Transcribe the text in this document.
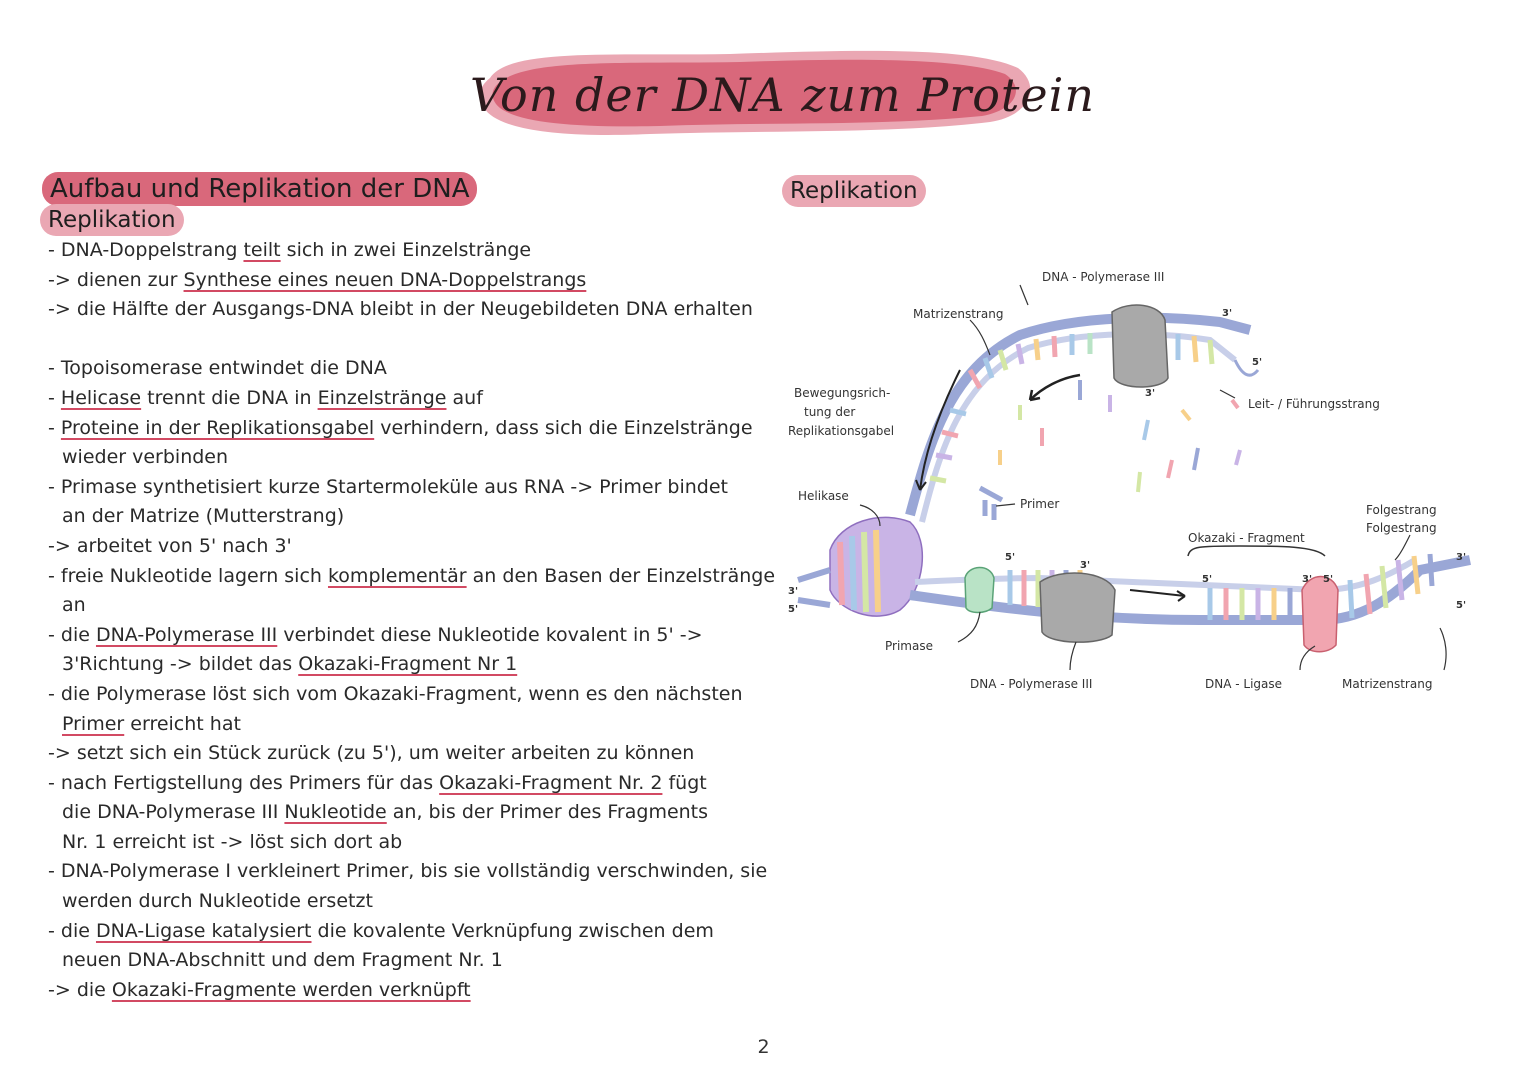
Von der DNA zum Protein
Aufbau und Replikation der DNA
Replikation
- DNA-Doppelstrang teilt sich in zwei Einzelstränge
-> dienen zur Synthese eines neuen DNA-Doppelstrangs
-> die Hälfte der Ausgangs-DNA bleibt in der Neugebildeten DNA erhalten
- Topoisomerase entwindet die DNA
- Helicase trennt die DNA in Einzelstränge auf
- Proteine in der Replikationsgabel verhindern, dass sich die Einzelstränge
wieder verbinden
- Primase synthetisiert kurze Startermoleküle aus RNA -> Primer bindet
an der Matrize (Mutterstrang)
-> arbeitet von 5' nach 3'
- freie Nukleotide lagern sich komplementär an den Basen der Einzelstränge
an
- die DNA-Polymerase III verbindet diese Nukleotide kovalent in 5' ->
3'Richtung -> bildet das Okazaki-Fragment Nr 1
- die Polymerase löst sich vom Okazaki-Fragment, wenn es den nächsten
Primer erreicht hat
-> setzt sich ein Stück zurück (zu 5'), um weiter arbeiten zu können
- nach Fertigstellung des Primers für das Okazaki-Fragment Nr. 2 fügt
die DNA-Polymerase III Nukleotide an, bis der Primer des Fragments
Nr. 1 erreicht ist -> löst sich dort ab
- DNA-Polymerase I verkleinert Primer, bis sie vollständig verschwinden, sie
werden durch Nukleotide ersetzt
- die DNA-Ligase katalysiert die kovalente Verknüpfung zwischen dem
neuen DNA-Abschnitt und dem Fragment Nr. 1
-> die Okazaki-Fragmente werden verknüpft
Replikation
DNA - Polymerase III
Matrizenstrang
Bewegungsrich-
tung der
Replikationsgabel
Leit- / Führungsstrang
Helikase
Primer	Folgestrang
Folgestrang
Okazaki - Fragment
Primase
DNA - Polymerase III	DNA - Ligase	Matrizenstrang
3'
5'
3'
3'
5'
5'
3'
5'	3' 5'
3'
5'
2
